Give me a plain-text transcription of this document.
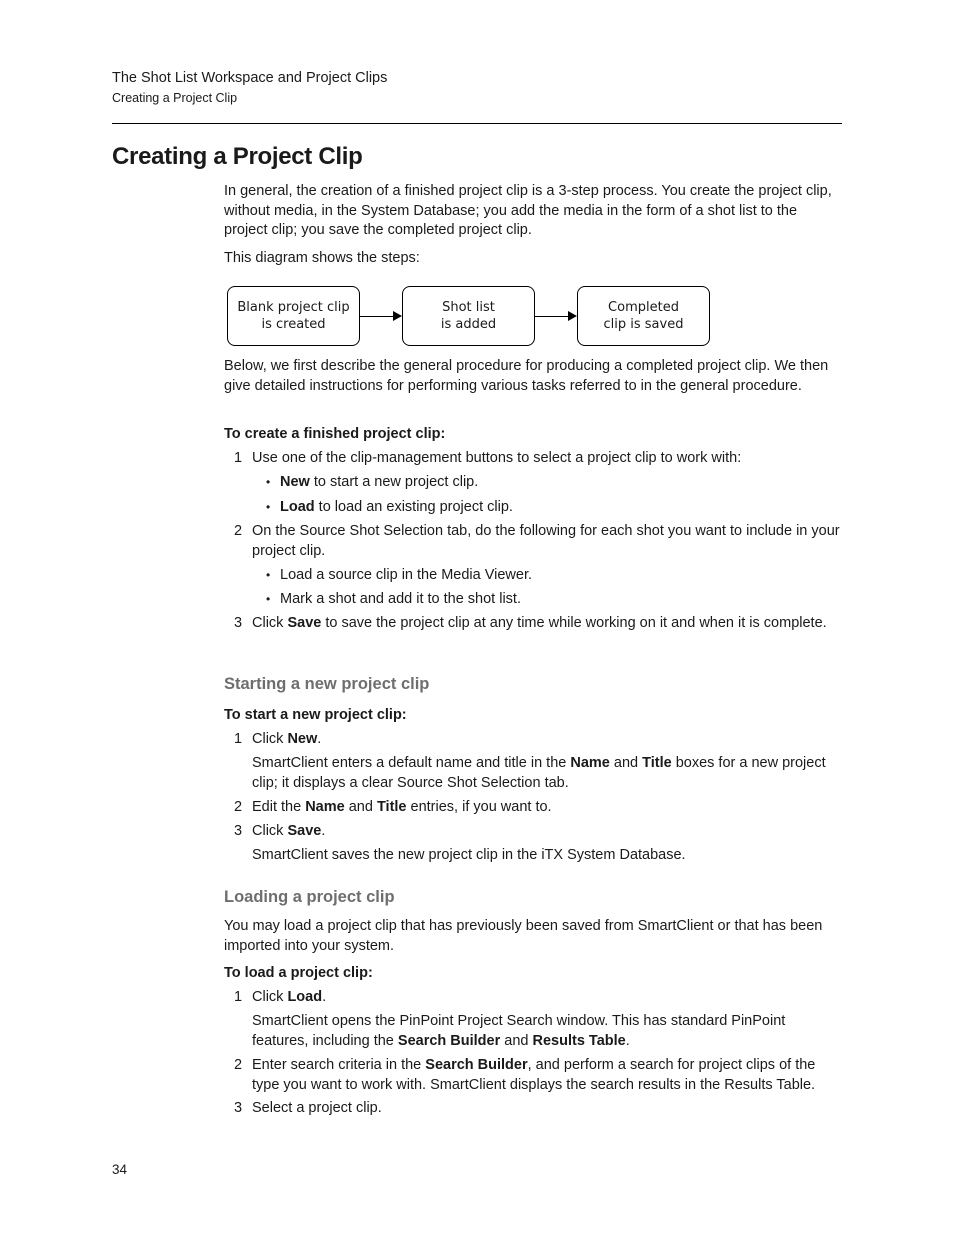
The Shot List Workspace and Project Clips
Creating a Project Clip
Creating a Project Clip
In general, the creation of a finished project clip is a 3-step process. You create the project clip, without media, in the System Database; you add the media in the form of a shot list to the project clip; you save the completed project clip.
This diagram shows the steps:
Blank project clip
is created
Shot list
is added
Completed
clip is saved
Below, we first describe the general procedure for producing a completed project clip. We then give detailed instructions for performing various tasks referred to in the general procedure.
To create a finished project clip:
1 Use one of the clip-management buttons to select a project clip to work with:
• New to start a new project clip.
• Load to load an existing project clip.
2 On the Source Shot Selection tab, do the following for each shot you want to include in your project clip.
• Load a source clip in the Media Viewer.
• Mark a shot and add it to the shot list.
3 Click Save to save the project clip at any time while working on it and when it is complete.
Starting a new project clip
To start a new project clip:
1 Click New.
SmartClient enters a default name and title in the Name and Title boxes for a new project clip; it displays a clear Source Shot Selection tab.
2 Edit the Name and Title entries, if you want to.
3 Click Save.
SmartClient saves the new project clip in the iTX System Database.
Loading a project clip
You may load a project clip that has previously been saved from SmartClient or that has been imported into your system.
To load a project clip:
1 Click Load.
SmartClient opens the PinPoint Project Search window. This has standard PinPoint features, including the Search Builder and Results Table.
2 Enter search criteria in the Search Builder, and perform a search for project clips of the type you want to work with. SmartClient displays the search results in the Results Table.
3 Select a project clip.
34
